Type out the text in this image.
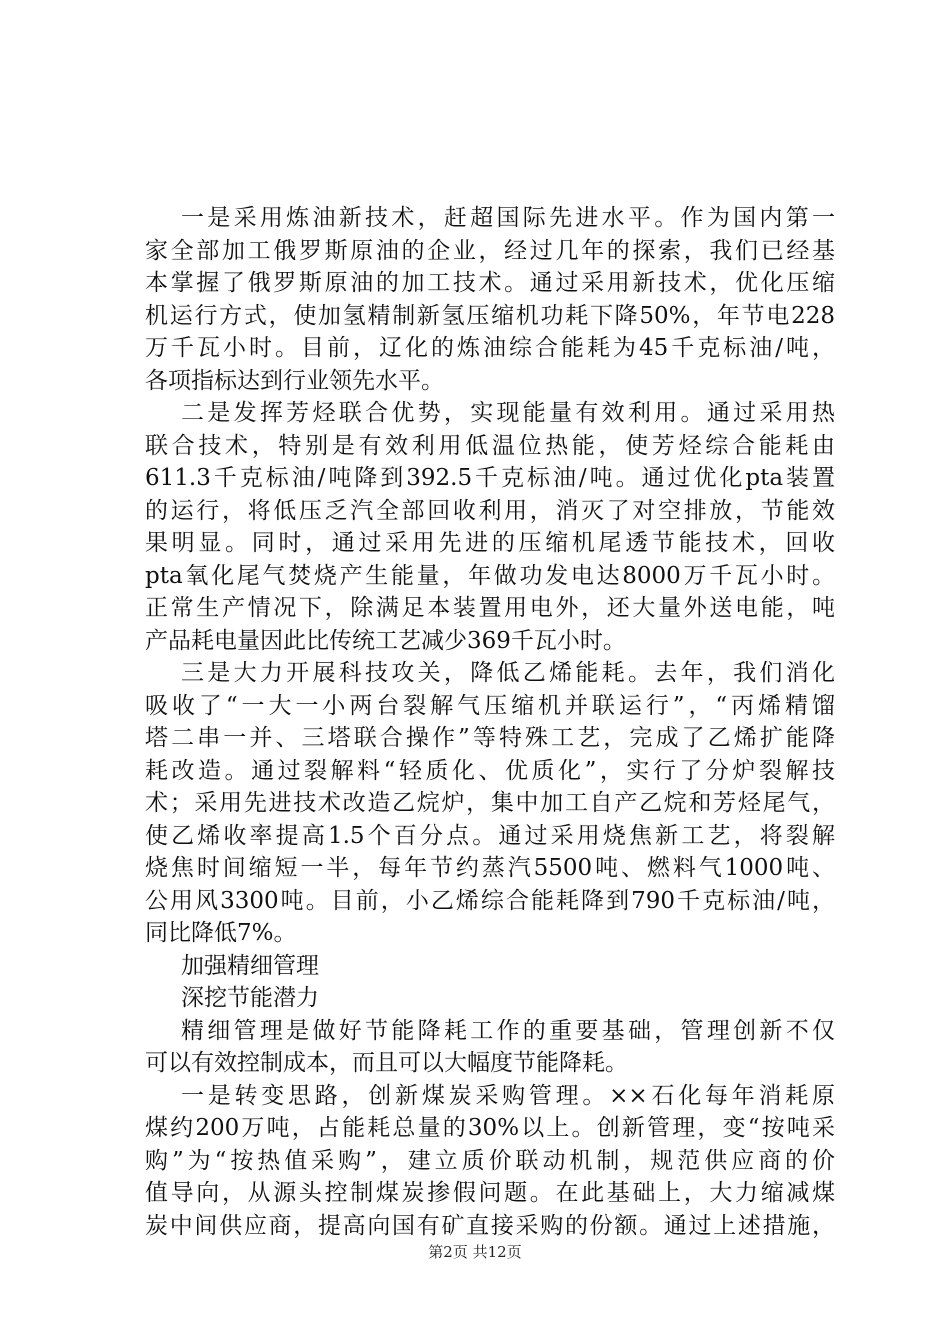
一是采用炼油新技术，赶超国际先进水平。作为国内第一
家全部加工俄罗斯原油的企业，经过几年的探索，我们已经基
本掌握了俄罗斯原油的加工技术。通过采用新技术，优化压缩
机运行方式，使加氢精制新氢压缩机功耗下降50%，年节电228
万千瓦小时。目前，辽化的炼油综合能耗为45千克标油/吨，
各项指标达到行业领先水平。
二是发挥芳烃联合优势，实现能量有效利用。通过采用热
联合技术，特别是有效利用低温位热能，使芳烃综合能耗由
611.3千克标油/吨降到392.5千克标油/吨。通过优化pta装置
的运行，将低压乏汽全部回收利用，消灭了对空排放，节能效
果明显。同时，通过采用先进的压缩机尾透节能技术，回收
pta氧化尾气焚烧产生能量，年做功发电达8000万千瓦小时。
正常生产情况下，除满足本装置用电外，还大量外送电能，吨
产品耗电量因此比传统工艺减少369千瓦小时。
三是大力开展科技攻关，降低乙烯能耗。去年，我们消化
吸收了“一大一小两台裂解气压缩机并联运行”，“丙烯精馏
塔二串一并、三塔联合操作”等特殊工艺，完成了乙烯扩能降
耗改造。通过裂解料“轻质化、优质化”，实行了分炉裂解技
术；采用先进技术改造乙烷炉，集中加工自产乙烷和芳烃尾气，
使乙烯收率提高1.5个百分点。通过采用烧焦新工艺，将裂解
烧焦时间缩短一半，每年节约蒸汽5500吨、燃料气1000吨、
公用风3300吨。目前，小乙烯综合能耗降到790千克标油/吨，
同比降低7%。
加强精细管理
深挖节能潜力
精细管理是做好节能降耗工作的重要基础，管理创新不仅
可以有效控制成本，而且可以大幅度节能降耗。
一是转变思路，创新煤炭采购管理。××石化每年消耗原
煤约200万吨，占能耗总量的30%以上。创新管理，变“按吨采
购”为“按热值采购”，建立质价联动机制，规范供应商的价
值导向，从源头控制煤炭掺假问题。在此基础上，大力缩减煤
炭中间供应商，提高向国有矿直接采购的份额。通过上述措施，
第2页 共12页
